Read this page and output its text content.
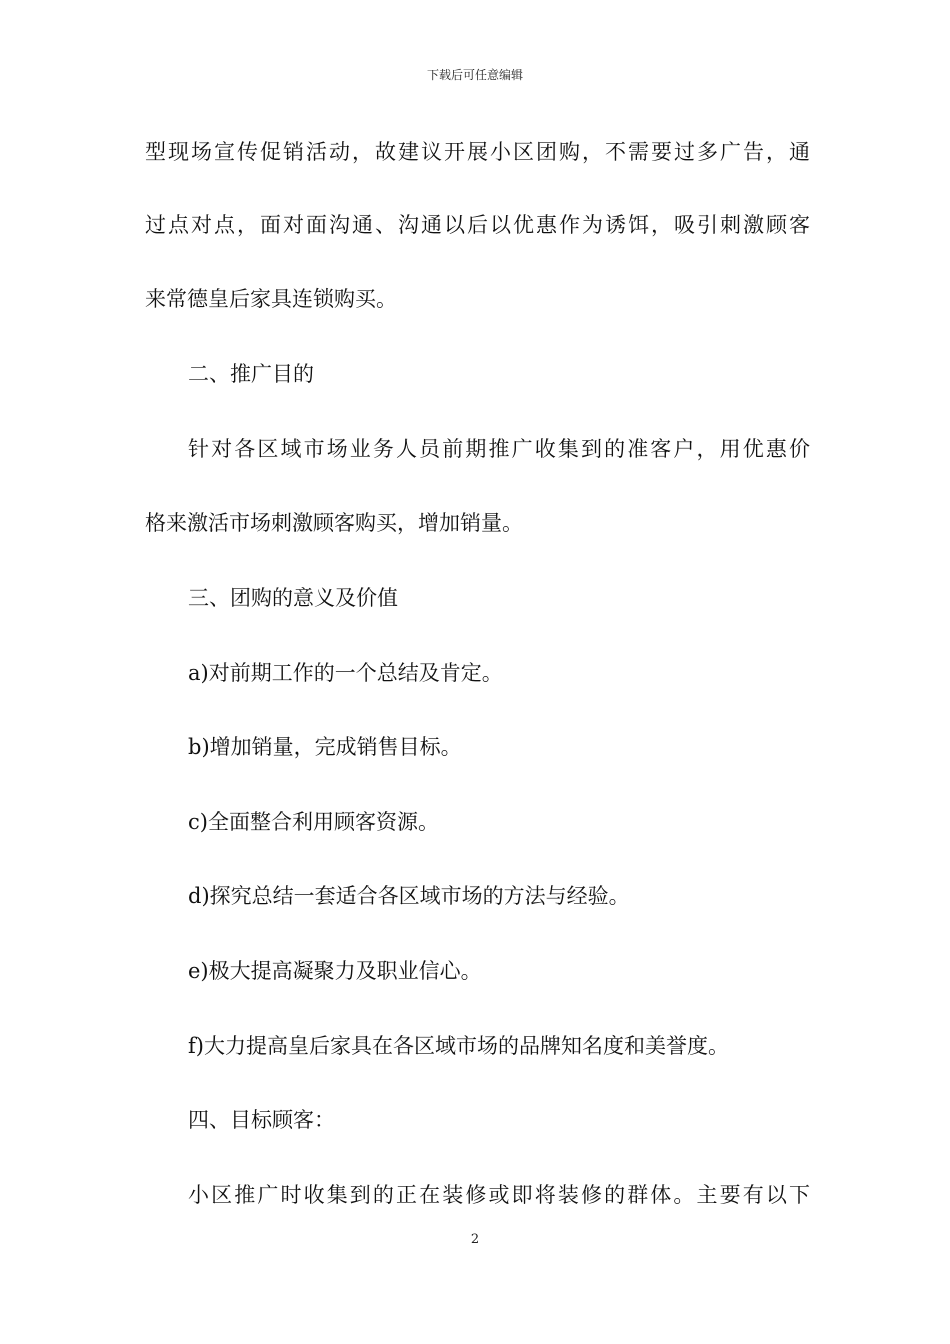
下载后可任意编辑
型现场宣传促销活动，故建议开展小区团购，不需要过多广告，通
过点对点，面对面沟通、沟通以后以优惠作为诱饵，吸引刺激顾客
来常德皇后家具连锁购买。
二、推广目的
针对各区域市场业务人员前期推广收集到的准客户，用优惠价
格来激活市场刺激顾客购买，增加销量。
三、团购的意义及价值
a)对前期工作的一个总结及肯定。
b)增加销量，完成销售目标。
c)全面整合利用顾客资源。
d)探究总结一套适合各区域市场的方法与经验。
e)极大提高凝聚力及职业信心。
f)大力提高皇后家具在各区域市场的品牌知名度和美誉度。
四、目标顾客：
小区推广时收集到的正在装修或即将装修的群体。主要有以下
2
